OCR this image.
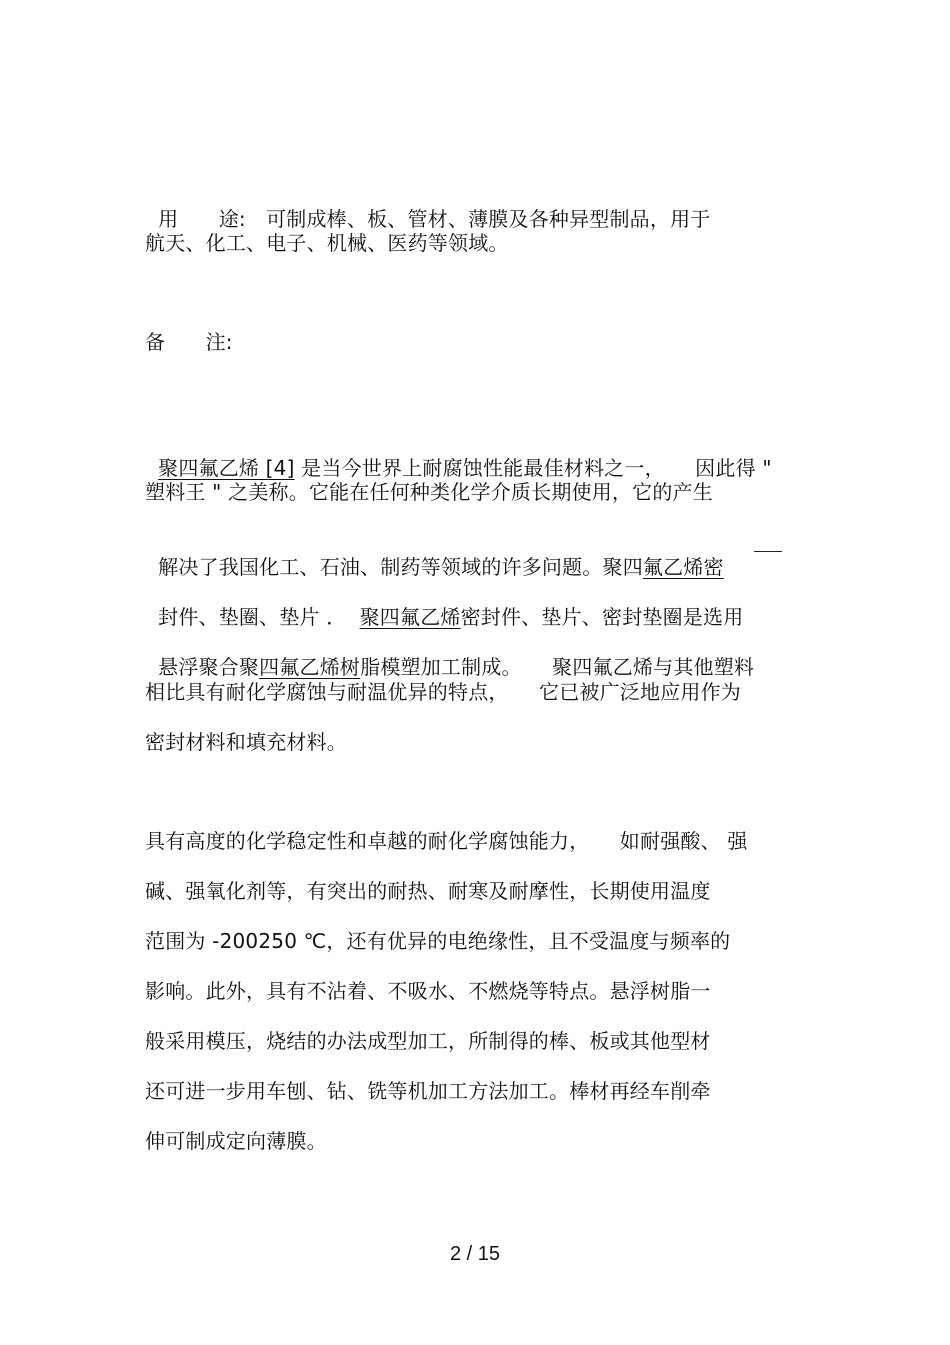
用　　途:  可制成棒、板、管材、薄膜及各种异型制品，用于

航天、化工、电子、机械、医药等领域。
备　　注:

聚四氟乙烯 [4] 是当今世界上耐腐蚀性能最佳材料之一，　　因此得 "

塑料王 " 之美称。它能在任何种类化学介质长期使用，它的产生

解决了我国化工、石油、制药等领域的许多问题。聚四氟乙烯密

封件、垫圈、垫片 ． 聚四氟乙烯密封件、垫片、密封垫圈是选用

悬浮聚合聚四氟乙烯树脂模塑加工制成。　　聚四氟乙烯与其他塑料

相比具有耐化学腐蚀与耐温优异的特点，　　它已被广泛地应用作为
密封材料和填充材料。
具有高度的化学稳定性和卓越的耐化学腐蚀能力，　　如耐强酸、 强
碱、强氧化剂等，有突出的耐热、耐寒及耐摩性，长期使用温度
范围为 -200250 ℃，还有优异的电绝缘性，且不受温度与频率的
影响。此外，具有不沾着、不吸水、不燃烧等特点。悬浮树脂一
般采用模压，烧结的办法成型加工，所制得的棒、板或其他型材
还可进一步用车刨、钻、铣等机加工方法加工。棒材再经车削牵
伸可制成定向薄膜。
2 / 15
